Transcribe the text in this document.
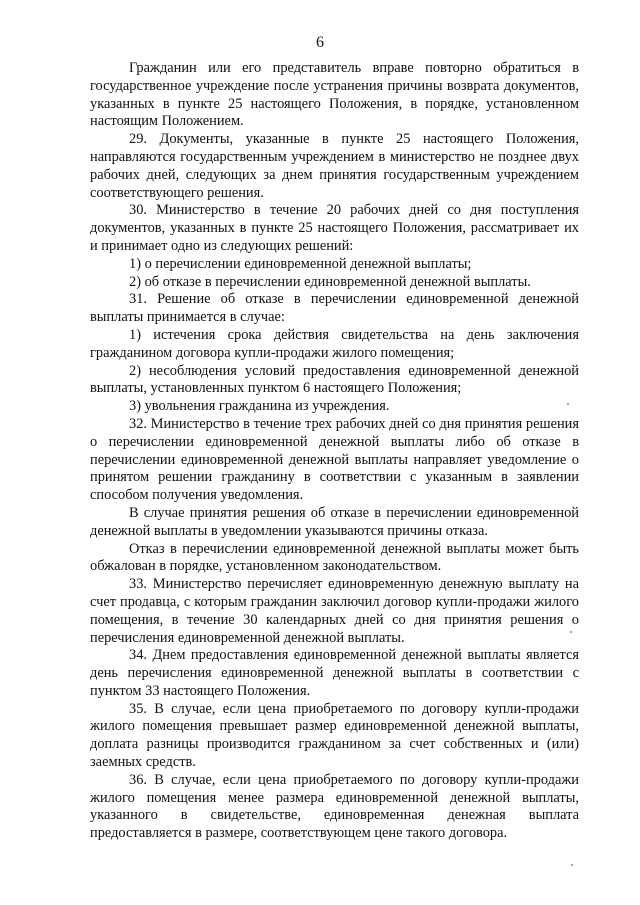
6

Гражданин или его представитель вправе повторно обратиться в государственное учреждение после устранения причины возврата документов, указанных в пункте 25 настоящего Положения, в порядке, установленном настоящим Положением.

29. Документы, указанные в пункте 25 настоящего Положения, направляются государственным учреждением в министерство не позднее двух рабочих дней, следующих за днем принятия государственным учреждением соответствующего решения.

30. Министерство в течение 20 рабочих дней со дня поступления документов, указанных в пункте 25 настоящего Положения, рассматривает их и принимает одно из следующих решений:

1) о перечислении единовременной денежной выплаты;

2) об отказе в перечислении единовременной денежной выплаты.

31. Решение об отказе в перечислении единовременной денежной выплаты принимается в случае:

1) истечения срока действия свидетельства на день заключения гражданином договора купли-продажи жилого помещения;

2) несоблюдения условий предоставления единовременной денежной выплаты, установленных пунктом 6 настоящего Положения;

3) увольнения гражданина из учреждения.

32. Министерство в течение трех рабочих дней со дня принятия решения о перечислении единовременной денежной выплаты либо об отказе в перечислении единовременной денежной выплаты направляет уведомление о принятом решении гражданину в соответствии с указанным в заявлении способом получения уведомления.

В случае принятия решения об отказе в перечислении единовременной денежной выплаты в уведомлении указываются причины отказа.

Отказ в перечислении единовременной денежной выплаты может быть обжалован в порядке, установленном законодательством.

33. Министерство перечисляет единовременную денежную выплату на счет продавца, с которым гражданин заключил договор купли-продажи жилого помещения, в течение 30 календарных дней со дня принятия решения о перечисления единовременной денежной выплаты.

34. Днем предоставления единовременной денежной выплаты является день перечисления единовременной денежной выплаты в соответствии с пунктом 33 настоящего Положения.

35. В случае, если цена приобретаемого по договору купли-продажи жилого помещения превышает размер единовременной денежной выплаты, доплата разницы производится гражданином за счет собственных и (или) заемных средств.

36. В случае, если цена приобретаемого по договору купли-продажи жилого помещения менее размера единовременной денежной выплаты, указанного в свидетельстве, единовременная денежная выплата предоставляется в размере, соответствующем цене такого договора.
